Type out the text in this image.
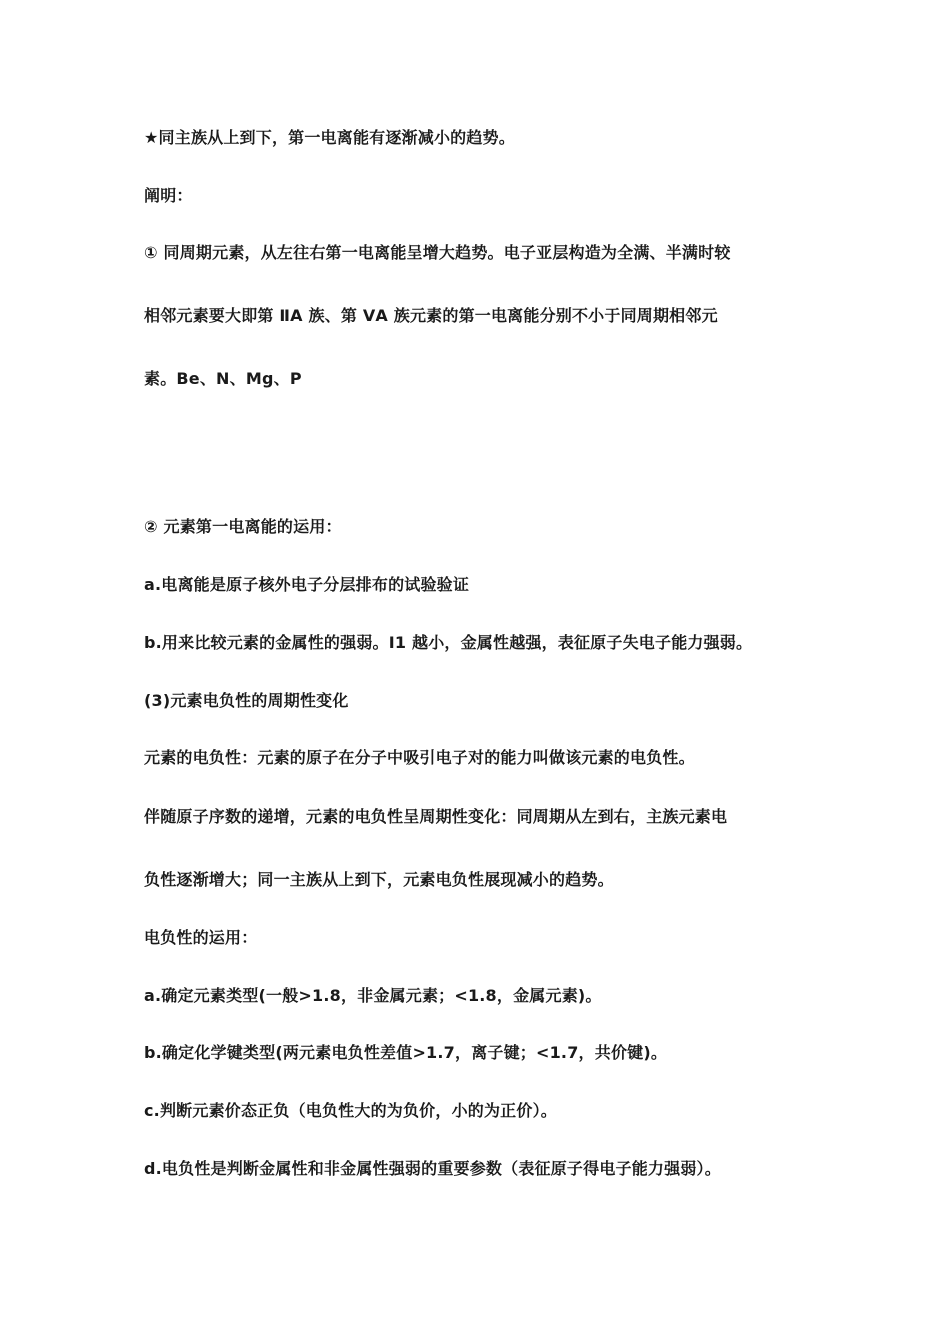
★同主族从上到下，第一电离能有逐渐减小的趋势。
阐明：
① 同周期元素，从左往右第一电离能呈增大趋势。电子亚层构造为全满、半满时较
相邻元素要大即第 ⅡA 族、第 ⅤA 族元素的第一电离能分别不小于同周期相邻元
素。Be、N、Mg、P
② 元素第一电离能的运用：
a.电离能是原子核外电子分层排布的试验验证
b.用来比较元素的金属性的强弱。I1 越小，金属性越强，表征原子失电子能力强弱。
(3)元素电负性的周期性变化
元素的电负性：元素的原子在分子中吸引电子对的能力叫做该元素的电负性。
伴随原子序数的递增，元素的电负性呈周期性变化：同周期从左到右，主族元素电
负性逐渐增大；同一主族从上到下，元素电负性展现减小的趋势。
电负性的运用：
a.确定元素类型(一般>1.8，非金属元素；<1.8，金属元素)。
b.确定化学键类型(两元素电负性差值>1.7，离子键；<1.7，共价键)。
c.判断元素价态正负（电负性大的为负价，小的为正价）。
d.电负性是判断金属性和非金属性强弱的重要参数（表征原子得电子能力强弱）。
